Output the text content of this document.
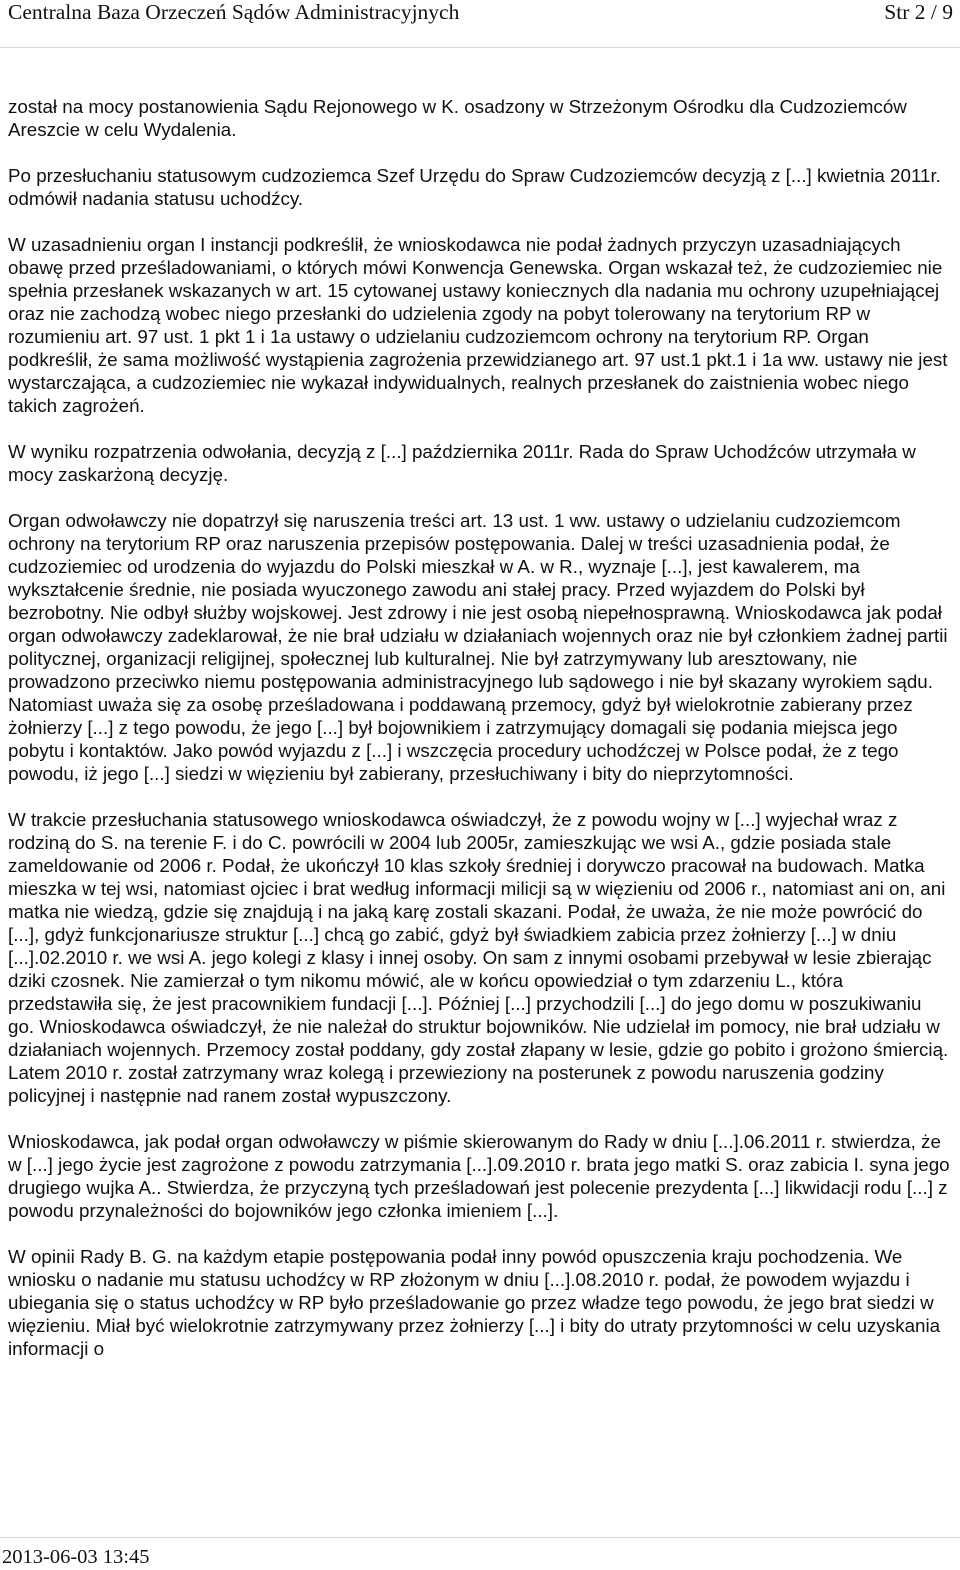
Centralna Baza Orzeczeń Sądów Administracyjnych	Str 2 / 9

został na mocy postanowienia Sądu Rejonowego w K. osadzony w Strzeżonym Ośrodku dla Cudzoziemców Areszcie w celu Wydalenia.

Po przesłuchaniu statusowym cudzoziemca Szef Urzędu do Spraw Cudzoziemców decyzją z [...] kwietnia 2011r. odmówił nadania statusu uchodźcy.

W uzasadnieniu organ I instancji podkreślił, że wnioskodawca nie podał żadnych przyczyn uzasadniających obawę przed prześladowaniami, o których mówi Konwencja Genewska. Organ wskazał też, że cudzoziemiec nie spełnia przesłanek wskazanych w art. 15 cytowanej ustawy koniecznych dla nadania mu ochrony uzupełniającej oraz nie zachodzą wobec niego przesłanki do udzielenia zgody na pobyt tolerowany na terytorium RP w rozumieniu art. 97 ust. 1 pkt 1 i 1a ustawy o udzielaniu cudzoziemcom ochrony na terytorium RP. Organ podkreślił, że sama możliwość wystąpienia zagrożenia przewidzianego art. 97 ust.1 pkt.1 i 1a ww. ustawy nie jest wystarczająca, a cudzoziemiec nie wykazał indywidualnych, realnych przesłanek do zaistnienia wobec niego takich zagrożeń.

W wyniku rozpatrzenia odwołania, decyzją z [...] października 2011r. Rada do Spraw Uchodźców utrzymała w mocy zaskarżoną decyzję.

Organ odwoławczy nie dopatrzył się naruszenia treści art. 13 ust. 1 ww. ustawy o udzielaniu cudzoziemcom ochrony na terytorium RP oraz naruszenia przepisów postępowania. Dalej w treści uzasadnienia podał, że cudzoziemiec od urodzenia do wyjazdu do Polski mieszkał w A. w R., wyznaje [...], jest kawalerem, ma wykształcenie średnie, nie posiada wyuczonego zawodu ani stałej pracy. Przed wyjazdem do Polski był bezrobotny. Nie odbył służby wojskowej. Jest zdrowy i nie jest osobą niepełnosprawną. Wnioskodawca jak podał organ odwoławczy zadeklarował, że nie brał udziału w działaniach wojennych oraz nie był członkiem żadnej partii politycznej, organizacji religijnej, społecznej lub kulturalnej. Nie był zatrzymywany lub aresztowany, nie prowadzono przeciwko niemu postępowania administracyjnego lub sądowego i nie był skazany wyrokiem sądu. Natomiast uważa się za osobę prześladowana i poddawaną przemocy, gdyż był wielokrotnie zabierany przez żołnierzy [...] z tego powodu, że jego [...] był bojownikiem i zatrzymujący domagali się podania miejsca jego pobytu i kontaktów. Jako powód wyjazdu z [...] i wszczęcia procedury uchodźczej w Polsce podał, że z tego powodu, iż jego [...] siedzi w więzieniu był zabierany, przesłuchiwany i bity do nieprzytomności.

W trakcie przesłuchania statusowego wnioskodawca oświadczył, że z powodu wojny w [...] wyjechał wraz z rodziną do S. na terenie F. i do C. powrócili w 2004 lub 2005r, zamieszkując we wsi A., gdzie posiada stale zameldowanie od 2006 r. Podał, że ukończył 10 klas szkoły średniej i dorywczo pracował na budowach. Matka mieszka w tej wsi, natomiast ojciec i brat według informacji milicji są w więzieniu od 2006 r., natomiast ani on, ani matka nie wiedzą, gdzie się znajdują i na jaką karę zostali skazani. Podał, że uważa, że nie może powrócić do [...], gdyż funkcjonariusze struktur [...] chcą go zabić, gdyż był świadkiem zabicia przez żołnierzy [...] w dniu [...].02.2010 r. we wsi A. jego kolegi z klasy i innej osoby. On sam z innymi osobami przebywał w lesie zbierając dziki czosnek. Nie zamierzał o tym nikomu mówić, ale w końcu opowiedział o tym zdarzeniu L., która przedstawiła się, że jest pracownikiem fundacji [...]. Później [...] przychodzili [...] do jego domu w poszukiwaniu go. Wnioskodawca oświadczył, że nie należał do struktur bojowników. Nie udzielał im pomocy, nie brał udziału w działaniach wojennych. Przemocy został poddany, gdy został złapany w lesie, gdzie go pobito i grożono śmiercią. Latem 2010 r. został zatrzymany wraz kolegą i przewieziony na posterunek z powodu naruszenia godziny policyjnej i następnie nad ranem został wypuszczony.

Wnioskodawca, jak podał organ odwoławczy w piśmie skierowanym do Rady w dniu [...].06.2011 r. stwierdza, że w [...] jego życie jest zagrożone z powodu zatrzymania [...].09.2010 r. brata jego matki S. oraz zabicia I. syna jego drugiego wujka A.. Stwierdza, że przyczyną tych prześladowań jest polecenie prezydenta [...] likwidacji rodu [...] z powodu przynależności do bojowników jego członka imieniem [...].

W opinii Rady B. G. na każdym etapie postępowania podał inny powód opuszczenia kraju pochodzenia. We wniosku o nadanie mu statusu uchodźcy w RP złożonym w dniu [...].08.2010 r. podał, że powodem wyjazdu i ubiegania się o status uchodźcy w RP było prześladowanie go przez władze tego powodu, że jego brat siedzi w więzieniu. Miał być wielokrotnie zatrzymywany przez żołnierzy [...] i bity do utraty przytomności w celu uzyskania informacji o

2013-06-03 13:45
